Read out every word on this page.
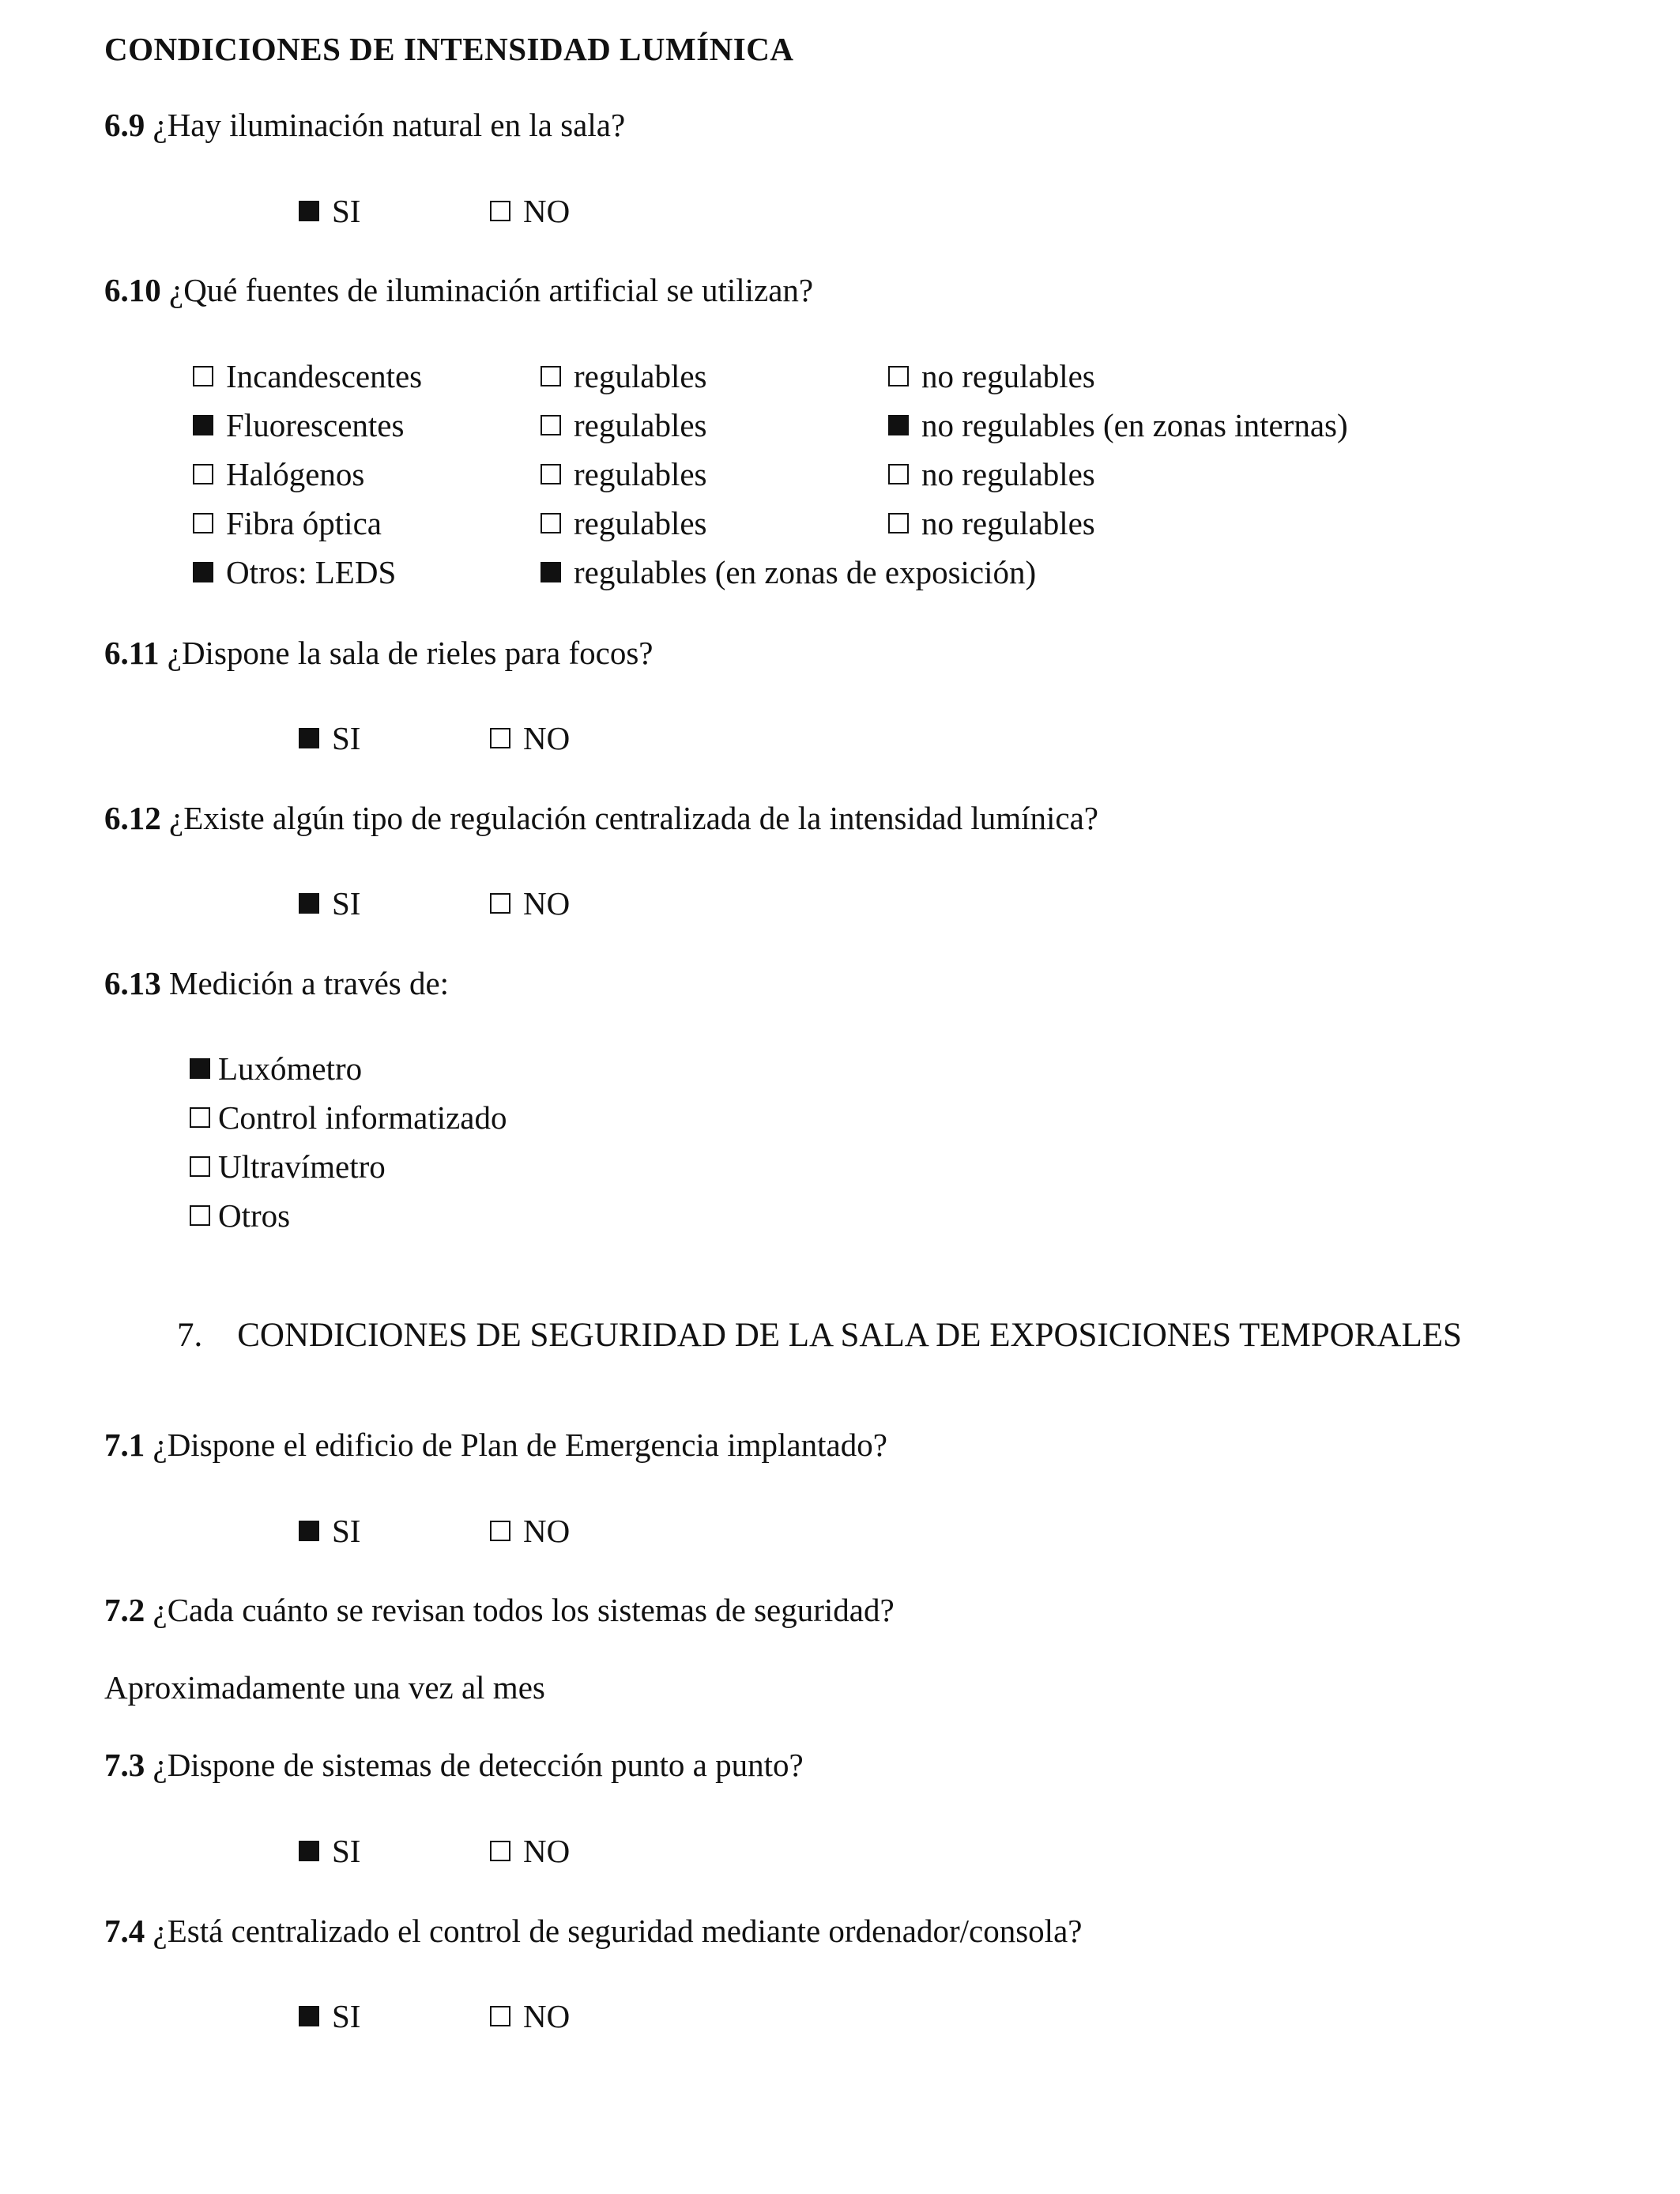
CONDICIONES DE INTENSIDAD LUMÍNICA
6.9 ¿Hay iluminación natural en la sala?
SI	NO
6.10 ¿Qué fuentes de iluminación artificial se utilizan?
Incandescentes	regulables	no regulables
Fluorescentes	regulables	no regulables (en zonas internas)
Halógenos	regulables	no regulables
Fibra óptica	regulables	no regulables
Otros: LEDS	regulables (en zonas de exposición)
6.11 ¿Dispone la sala de rieles para focos?
SI	NO
6.12 ¿Existe algún tipo de regulación centralizada de la intensidad lumínica?
SI	NO
6.13 Medición a través de:
Luxómetro
Control informatizado
Ultravímetro
Otros
7. CONDICIONES DE SEGURIDAD DE LA SALA DE EXPOSICIONES TEMPORALES
7.1 ¿Dispone el edificio de Plan de Emergencia implantado?
SI	NO
7.2 ¿Cada cuánto se revisan todos los sistemas de seguridad?
Aproximadamente una vez al mes
7.3 ¿Dispone de sistemas de detección punto a punto?
SI	NO
7.4 ¿Está centralizado el control de seguridad mediante ordenador/consola?
SI	NO
